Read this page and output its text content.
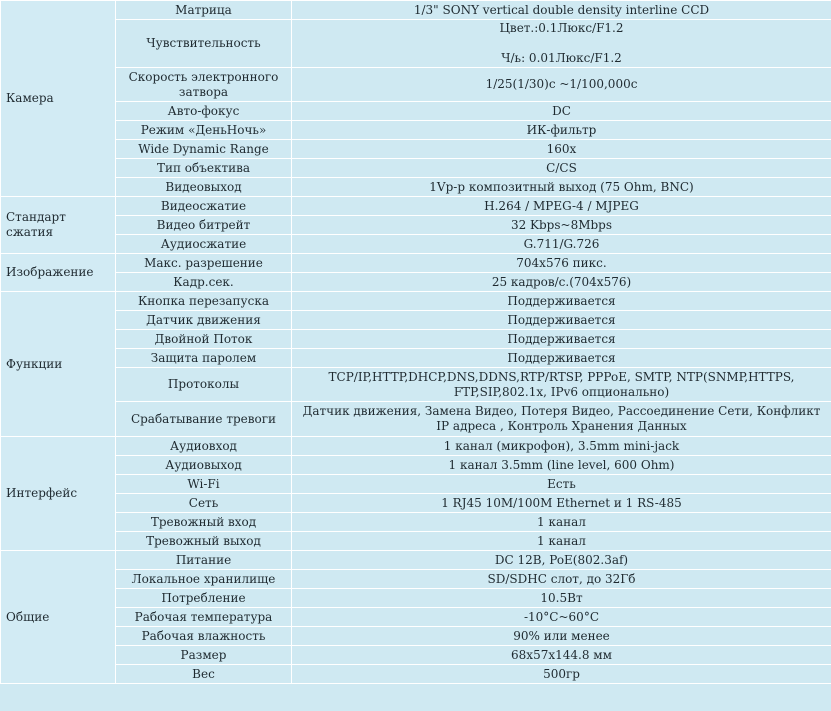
Камера	Матрица	1/3" SONY vertical double density interline CCD

	Чувствительность	Цвет.:0.1Люкс/F1.2
Ч/ь: 0.01Люкс/F1.2

	Скорость электронного затвора	1/25(1/30)с ~1/100,000с

	Авто-фокус	DC

	Режим «ДеньНочь»	ИК-фильтр

	Wide Dynamic Range	160x

	Тип объектива	C/CS

	Видеовыход	1Vp-p композитный выход (75 Ohm, BNC)

Стандарт сжатия	Видеосжатие	H.264 / MPEG-4 / MJPEG

	Видео битрейт	32 Kbps~8Mbps

	Аудиосжатие	G.711/G.726

Изображение	Макс. разрешение	704x576 пикс.

	Кадр.сек.	25 кадров/с.(704x576)

Функции	Кнопка перезапуска	Поддерживается

	Датчик движения	Поддерживается

	Двойной Поток	Поддерживается

	Защита паролем	Поддерживается

	Протоколы	TCP/IP,HTTP,DHCP,DNS,DDNS,RTP/RTSP, PPPoE, SMTP, NTP(SNMP,HTTPS, FTP,SIP,802.1x, IPv6 опционально)

	Срабатывание тревоги	Датчик движения, Замена Видео, Потеря Видео, Рассоединение Сети, Конфликт IP адреса , Контроль Хранения Данных

Интерфейс	Аудиовход	1 канал (микрофон), 3.5mm mini-jack

	Аудиовыход	1 канал 3.5mm (line level, 600 Ohm)

	Wi-Fi	Есть

	Сеть	1 RJ45 10M/100M Ethernet и 1 RS-485

	Тревожный вход	1 канал

	Тревожный выход	1 канал

Общие	Питание	DC 12В, PoE(802.3af)

	Локальное хранилище	SD/SDHC слот, до 32Гб

	Потребление	10.5Вт

	Рабочая температура	-10°C~60°C

	Рабочая влажность	90% или менее

	Размер	68x57x144.8 мм

	Вес	500гр
